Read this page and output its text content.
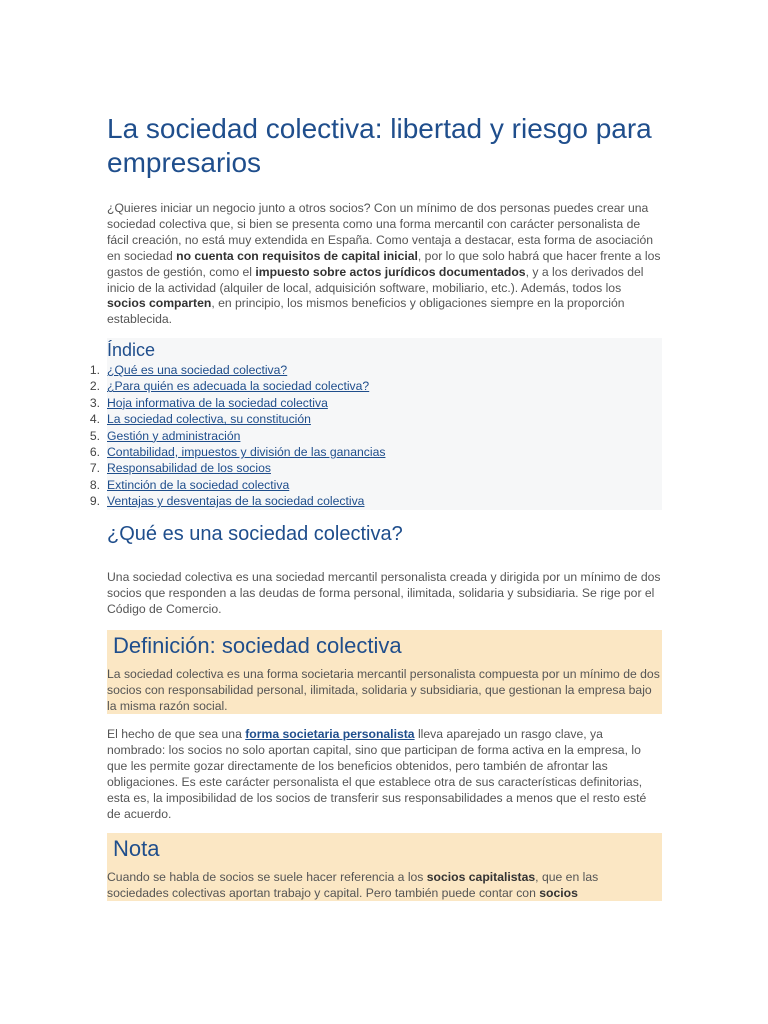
La sociedad colectiva: libertad y riesgo para empresarios

¿Quieres iniciar un negocio junto a otros socios? Con un mínimo de dos personas puedes crear una sociedad colectiva que, si bien se presenta como una forma mercantil con carácter personalista de fácil creación, no está muy extendida en España. Como ventaja a destacar, esta forma de asociación en sociedad no cuenta con requisitos de capital inicial, por lo que solo habrá que hacer frente a los gastos de gestión, como el impuesto sobre actos jurídicos documentados, y a los derivados del inicio de la actividad (alquiler de local, adquisición software, mobiliario, etc.). Además, todos los socios comparten, en principio, los mismos beneficios y obligaciones siempre en la proporción establecida.

Índice
1. ¿Qué es una sociedad colectiva?
2. ¿Para quién es adecuada la sociedad colectiva?
3. Hoja informativa de la sociedad colectiva
4. La sociedad colectiva, su constitución
5. Gestión y administración
6. Contabilidad, impuestos y división de las ganancias
7. Responsabilidad de los socios
8. Extinción de la sociedad colectiva
9. Ventajas y desventajas de la sociedad colectiva
¿Qué es una sociedad colectiva?

Una sociedad colectiva es una sociedad mercantil personalista creada y dirigida por un mínimo de dos socios que responden a las deudas de forma personal, ilimitada, solidaria y subsidiaria. Se rige por el Código de Comercio.

Definición: sociedad colectiva

La sociedad colectiva es una forma societaria mercantil personalista compuesta por un mínimo de dos socios con responsabilidad personal, ilimitada, solidaria y subsidiaria, que gestionan la empresa bajo la misma razón social.

El hecho de que sea una forma societaria personalista lleva aparejado un rasgo clave, ya nombrado: los socios no solo aportan capital, sino que participan de forma activa en la empresa, lo que les permite gozar directamente de los beneficios obtenidos, pero también de afrontar las obligaciones. Es este carácter personalista el que establece otra de sus características definitorias, esta es, la imposibilidad de los socios de transferir sus responsabilidades a menos que el resto esté de acuerdo.

Nota

Cuando se habla de socios se suele hacer referencia a los socios capitalistas, que en las sociedades colectivas aportan trabajo y capital. Pero también puede contar con socios
